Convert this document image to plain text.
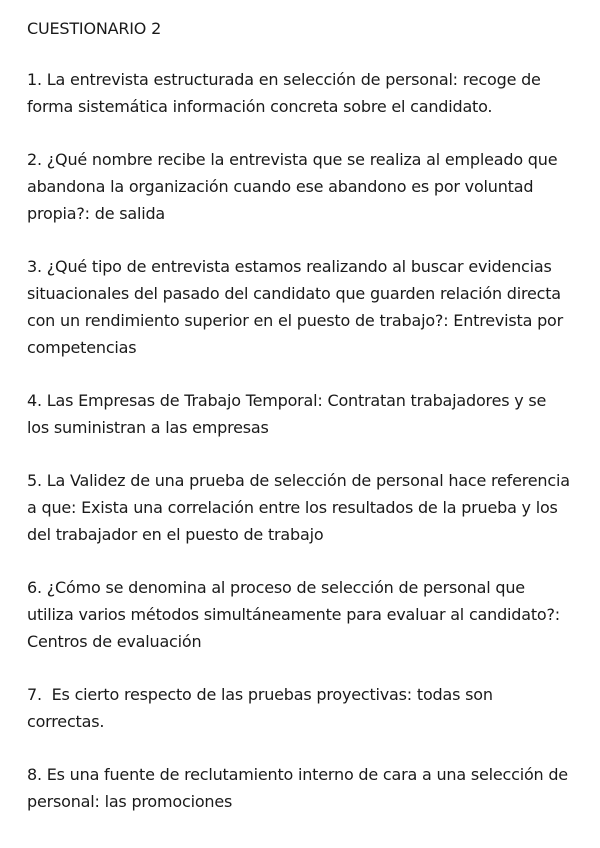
CUESTIONARIO 2
1. La entrevista estructurada en selección de personal: recoge de forma sistemática información concreta sobre el candidato.
2. ¿Qué nombre recibe la entrevista que se realiza al empleado que abandona la organización cuando ese abandono es por voluntad propia?: de salida
3. ¿Qué tipo de entrevista estamos realizando al buscar evidencias situacionales del pasado del candidato que guarden relación directa con un rendimiento superior en el puesto de trabajo?: Entrevista por competencias
4. Las Empresas de Trabajo Temporal: Contratan trabajadores y se los suministran a las empresas
5. La Validez de una prueba de selección de personal hace referencia  a que: Exista una correlación entre los resultados de la prueba y los del trabajador en el puesto de trabajo
6. ¿Cómo se denomina al proceso de selección de personal que utiliza varios métodos simultáneamente para evaluar al candidato?: Centros de evaluación
7.  Es cierto respecto de las pruebas proyectivas: todas son correctas.
8. Es una fuente de reclutamiento interno de cara a una selección de personal: las promociones
